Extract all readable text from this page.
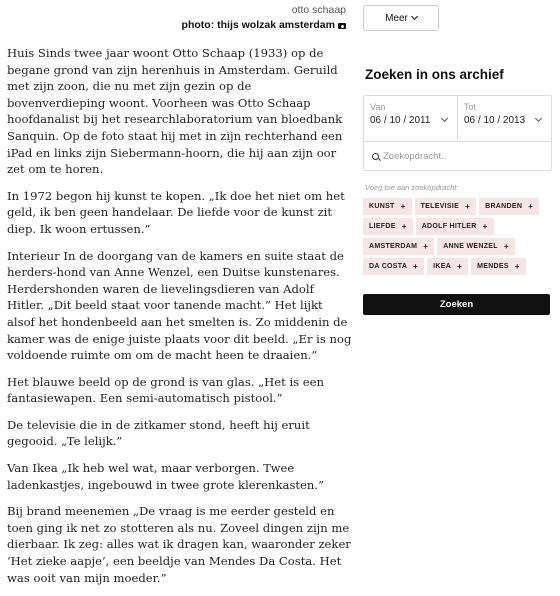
otto schaap
photo: thijs wolzak amsterdam

Huis Sinds twee jaar woont Otto Schaap (1933) op de begane grond van zijn herenhuis in Amsterdam. Geruild met zijn zoon, die nu met zijn gezin op de bovenverdieping woont. Voorheen was Otto Schaap hoofdanalist bij het researchlaboratorium van bloedbank Sanquin. Op de foto staat hij met in zijn rechterhand een iPad en links zijn Siebermann-hoorn, die hij aan zijn oor zet om te horen.

In 1972 begon hij kunst te kopen. „Ik doe het niet om het geld, ik ben geen handelaar. De liefde voor de kunst zit diep. Ik woon ertussen.”

Interieur In de doorgang van de kamers en suite staat de herders-hond van Anne Wenzel, een Duitse kunstenares. Herdershonden waren de lievelingsdieren van Adolf Hitler. „Dit beeld staat voor tanende macht.” Het lijkt alsof het hondenbeeld aan het smelten is. Zo middenin de kamer was de enige juiste plaats voor dit beeld. „Er is nog voldoende ruimte om om de macht heen te draaien.”

Het blauwe beeld op de grond is van glas. „Het is een fantasiewapen. Een semi-automatisch pistool.”

De televisie die in de zitkamer stond, heeft hij eruit gegooid. „Te lelijk.”

Van Ikea „Ik heb wel wat, maar verborgen. Twee ladenkastjes, ingebouwd in twee grote klerenkasten.”

Bij brand meenemen „De vraag is me eerder gesteld en toen ging ik net zo stotteren als nu. Zoveel dingen zijn me dierbaar. Ik zeg: alles wat ik dragen kan, waaronder zeker ‘Het zieke aapje’, een beeldje van Mendes Da Costa. Het was ooit van mijn moeder.”

Meer
Zoeken in ons archief
Van
06 / 10 / 2011
Tot
06 / 10 / 2013
Zoekopdracht..
Voeg toe aan zoekopdracht:
KUNST + TELEVISIE + BRANDEN +
LIEFDE + ADOLF HITLER +
AMSTERDAM + ANNE WENZEL +
DA COSTA + IKEA + MENDES +
Zoeken
